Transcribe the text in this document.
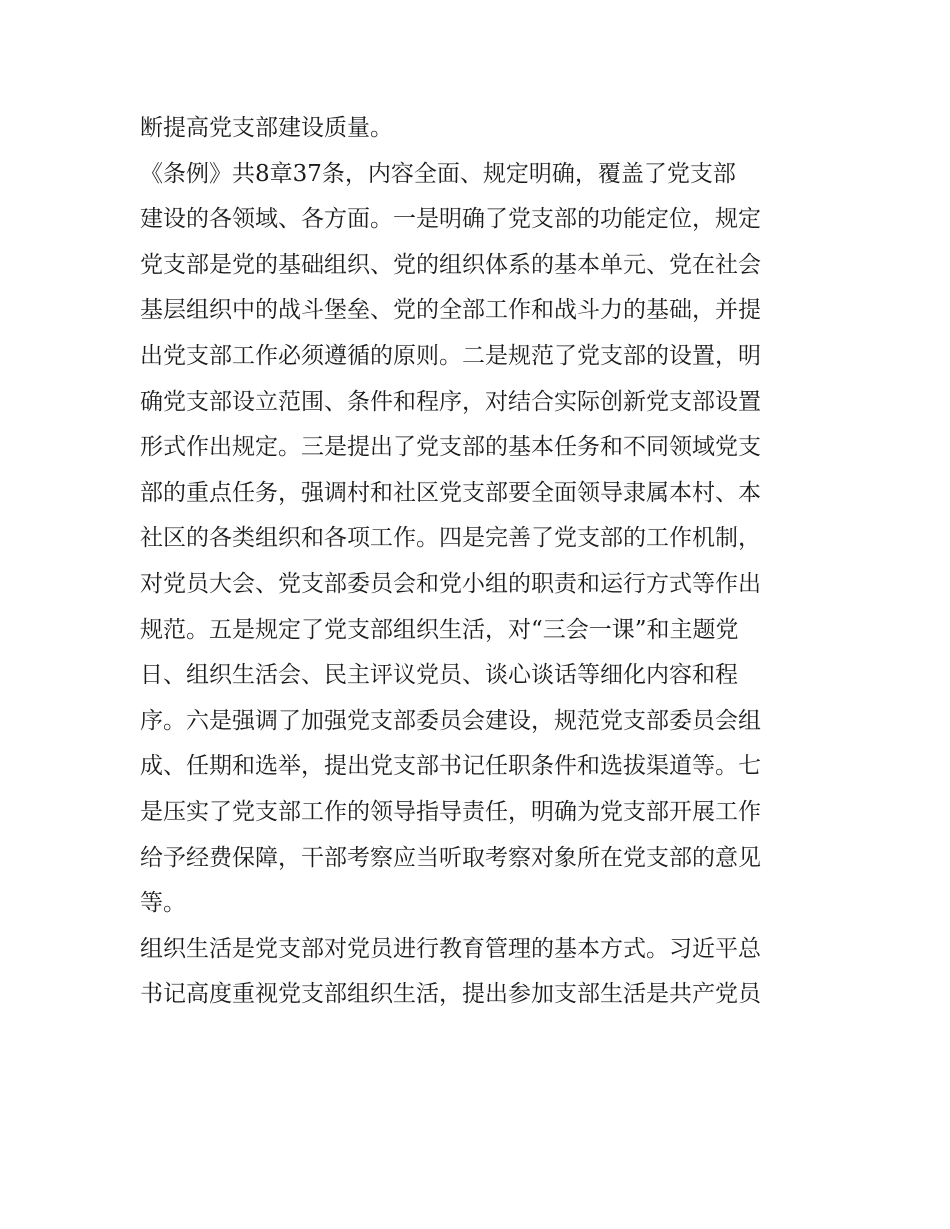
断提高党支部建设质量。
《条例》共8章37条，内容全面、规定明确，覆盖了党支部
建设的各领域、各方面。一是明确了党支部的功能定位，规定
党支部是党的基础组织、党的组织体系的基本单元、党在社会
基层组织中的战斗堡垒、党的全部工作和战斗力的基础，并提
出党支部工作必须遵循的原则。二是规范了党支部的设置，明
确党支部设立范围、条件和程序，对结合实际创新党支部设置
形式作出规定。三是提出了党支部的基本任务和不同领域党支
部的重点任务，强调村和社区党支部要全面领导隶属本村、本
社区的各类组织和各项工作。四是完善了党支部的工作机制，
对党员大会、党支部委员会和党小组的职责和运行方式等作出
规范。五是规定了党支部组织生活，对“三会一课”和主题党
日、组织生活会、民主评议党员、谈心谈话等细化内容和程
序。六是强调了加强党支部委员会建设，规范党支部委员会组
成、任期和选举，提出党支部书记任职条件和选拔渠道等。七
是压实了党支部工作的领导指导责任，明确为党支部开展工作
给予经费保障，干部考察应当听取考察对象所在党支部的意见
等。
组织生活是党支部对党员进行教育管理的基本方式。习近平总
书记高度重视党支部组织生活，提出参加支部生活是共产党员
